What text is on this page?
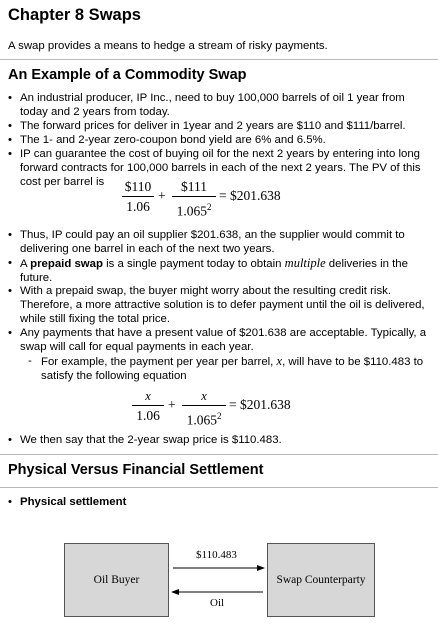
Chapter 8 Swaps
A swap provides a means to hedge a stream of risky payments.
An Example of a Commodity Swap
• An industrial producer, IP Inc., need to buy 100,000 barrels of oil 1 year from
today and 2 years from today.
• The forward prices for deliver in 1year and 2 years are $110 and $111/barrel.
• The 1- and 2-year zero-coupon bond yield are 6% and 6.5%.
• IP can guarantee the cost of buying oil for the next 2 years by entering into long
forward contracts for 100,000 barrels in each of the next 2 years. The PV of this
cost per barrel is
• Thus, IP could pay an oil supplier $201.638, an the supplier would commit to
delivering one barrel in each of the next two years.
• A prepaid swap is a single payment today to obtain multiple deliveries in the
future.
• With a prepaid swap, the buyer might worry about the resulting credit risk.
Therefore, a more attractive solution is to defer payment until the oil is delivered,
while still fixing the total price.
• Any payments that have a present value of $201.638 are acceptable. Typically, a
swap will call for equal payments in each year.
- For example, the payment per year per barrel, x, will have to be $110.483 to
satisfy the following equation
• We then say that the 2-year swap price is $110.483.
$110
1.06
+
$111
$1.065^2$
= $201.638
x
1.06
+
x
$1.065^2$
= $201.638
Physical Versus Financial Settlement
• Physical settlement
Oil Buyer	Swap Counterparty
$110.483
Oil
